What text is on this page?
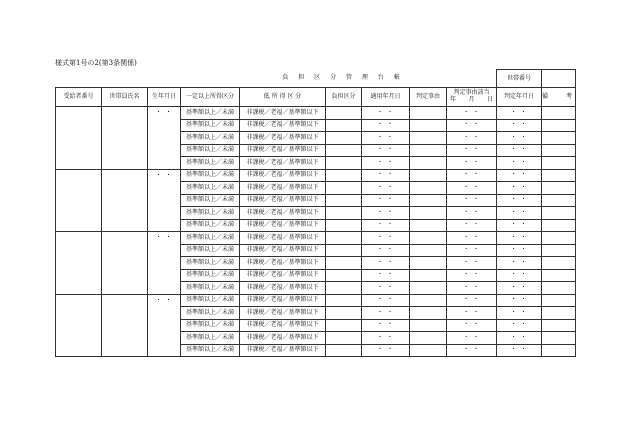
様式第1号の2(第3条関係)
				負 担 区 分 管 理 台 帳					世帯番号	
受給者番号	世帯員氏名	生年月日	一定以上所得区分	低 所 得 区 分	負担区分	適用年月日	判定事由	判定事由該当
年 月 日	判定年月日	備 考
		・ ・	基準額以上／未満	非課税／老福／基準額以下		・ ・		・ ・	・ ・	
			基準額以上／未満	非課税／老福／基準額以下		・ ・		・ ・	・ ・	
			基準額以上／未満	非課税／老福／基準額以下		・ ・		・ ・	・ ・	
			基準額以上／未満	非課税／老福／基準額以下		・ ・		・ ・	・ ・	
			基準額以上／未満	非課税／老福／基準額以下		・ ・		・ ・	・ ・	
		・ ・	基準額以上／未満	非課税／老福／基準額以下		・ ・		・ ・	・ ・	
			基準額以上／未満	非課税／老福／基準額以下		・ ・		・ ・	・ ・	
			基準額以上／未満	非課税／老福／基準額以下		・ ・		・ ・	・ ・	
			基準額以上／未満	非課税／老福／基準額以下		・ ・		・ ・	・ ・	
			基準額以上／未満	非課税／老福／基準額以下		・ ・		・ ・	・ ・	
		・ ・	基準額以上／未満	非課税／老福／基準額以下		・ ・		・ ・	・ ・	
			基準額以上／未満	非課税／老福／基準額以下		・ ・		・ ・	・ ・	
			基準額以上／未満	非課税／老福／基準額以下		・ ・		・ ・	・ ・	
			基準額以上／未満	非課税／老福／基準額以下		・ ・		・ ・	・ ・	
			基準額以上／未満	非課税／老福／基準額以下		・ ・		・ ・	・ ・	
		・ ・	基準額以上／未満	非課税／老福／基準額以下		・ ・		・ ・	・ ・	
			基準額以上／未満	非課税／老福／基準額以下		・ ・		・ ・	・ ・	
			基準額以上／未満	非課税／老福／基準額以下		・ ・		・ ・	・ ・	
			基準額以上／未満	非課税／老福／基準額以下		・ ・		・ ・	・ ・	
			基準額以上／未満	非課税／老福／基準額以下		・ ・		・ ・	・ ・	
